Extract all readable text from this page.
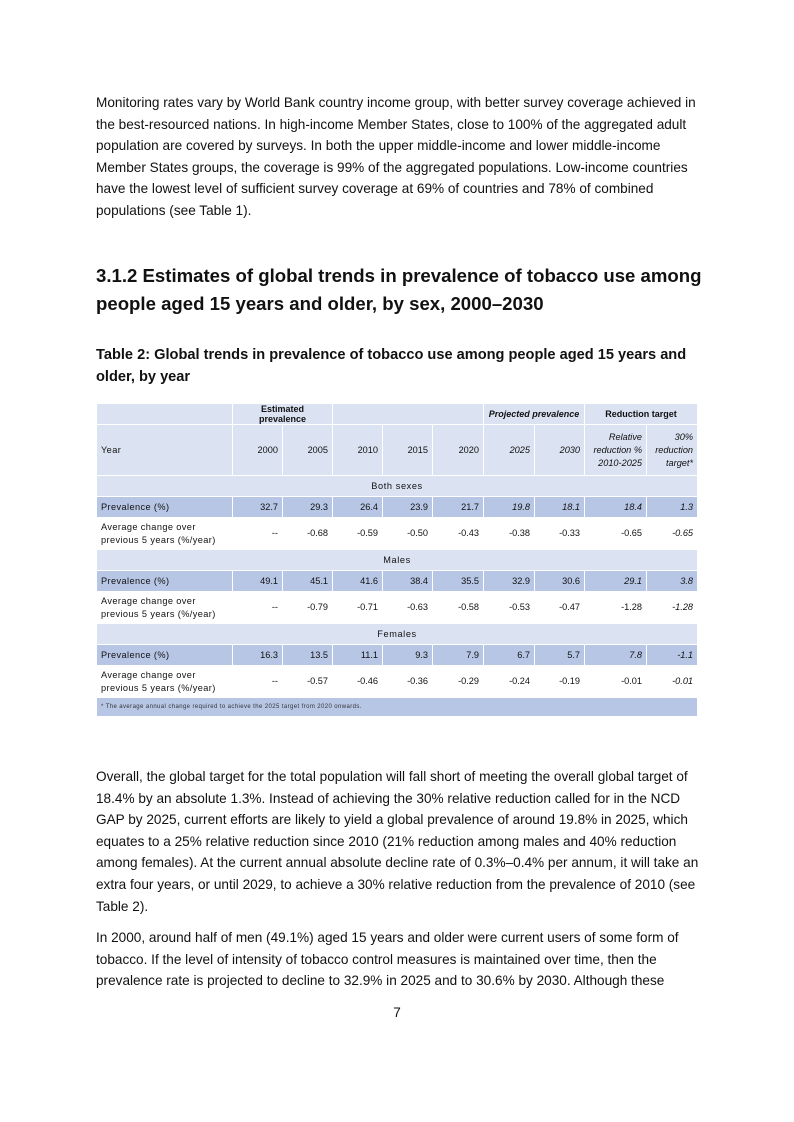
Monitoring rates vary by World Bank country income group, with better survey coverage achieved in the best-resourced nations. In high-income Member States, close to 100% of the aggregated adult population are covered by surveys. In both the upper middle-income and lower middle-income Member States groups, the coverage is 99% of the aggregated populations. Low-income countries have the lowest level of sufficient survey coverage at 69% of countries and 78% of combined populations (see Table 1).

3.1.2 Estimates of global trends in prevalence of tobacco use among people aged 15 years and older, by sex, 2000–2030

Table 2: Global trends in prevalence of tobacco use among people aged 15 years and older, by year

	Estimated prevalence					Projected prevalence		Reduction target	
Year	2000	2005	2010	2015	2020	2025	2030	Relative reduction % 2010-2025	30% reduction target*
Both sexes									
Prevalence (%)	32.7	29.3	26.4	23.9	21.7	19.8	18.1	18.4	1.3
Average change over previous 5 years (%/year)	--	-0.68	-0.59	-0.50	-0.43	-0.38	-0.33	-0.65	-0.65
Males									
Prevalence (%)	49.1	45.1	41.6	38.4	35.5	32.9	30.6	29.1	3.8
Average change over previous 5 years (%/year)	--	-0.79	-0.71	-0.63	-0.58	-0.53	-0.47	-1.28	-1.28
Females									
Prevalence (%)	16.3	13.5	11.1	9.3	7.9	6.7	5.7	7.8	-1.1
Average change over previous 5 years (%/year)	--	-0.57	-0.46	-0.36	-0.29	-0.24	-0.19	-0.01	-0.01
* The average annual change required to achieve the 2025 target from 2020 onwards.									

Overall, the global target for the total population will fall short of meeting the overall global target of 18.4% by an absolute 1.3%. Instead of achieving the 30% relative reduction called for in the NCD GAP by 2025, current efforts are likely to yield a global prevalence of around 19.8% in 2025, which equates to a 25% relative reduction since 2010 (21% reduction among males and 40% reduction among females). At the current annual absolute decline rate of 0.3%–0.4% per annum, it will take an extra four years, or until 2029, to achieve a 30% relative reduction from the prevalence of 2010 (see Table 2).

In 2000, around half of men (49.1%) aged 15 years and older were current users of some form of tobacco. If the level of intensity of tobacco control measures is maintained over time, then the prevalence rate is projected to decline to 32.9% in 2025 and to 30.6% by 2030. Although these

7
